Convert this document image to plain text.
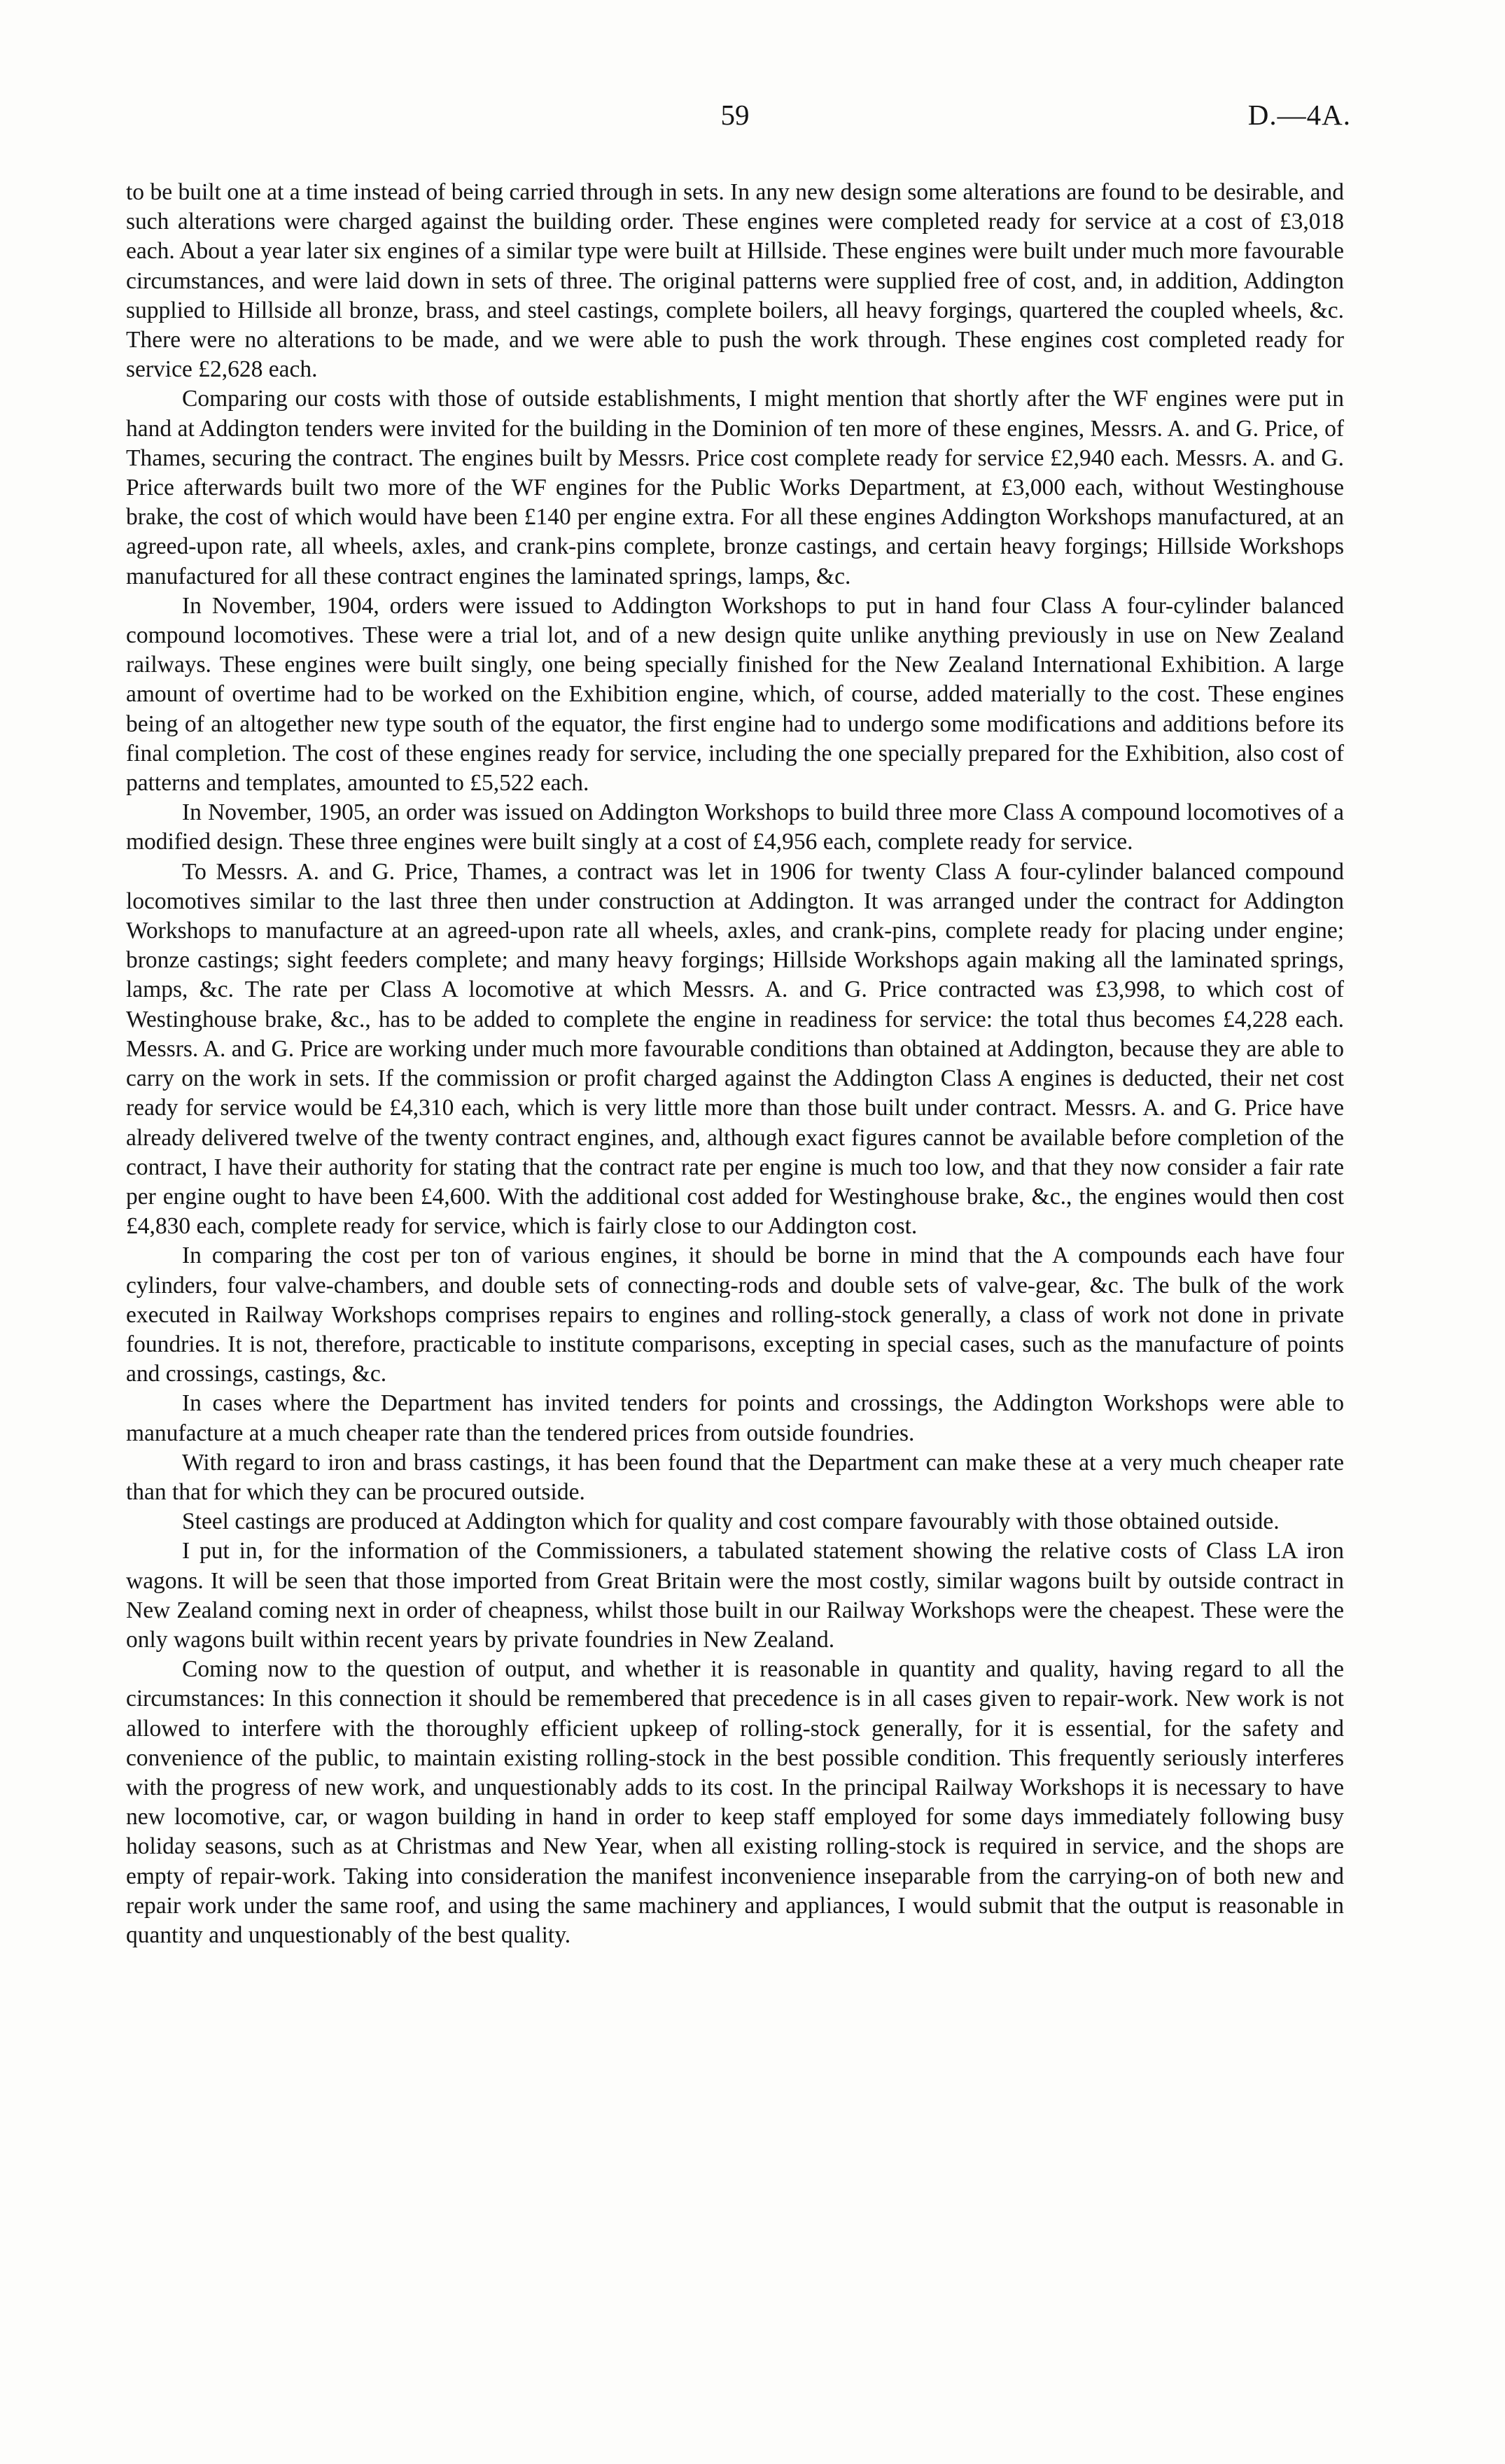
59	D.—4A.

to be built one at a time instead of being carried through in sets. In any new design some alterations are found to be desirable, and such alterations were charged against the building order. These engines were completed ready for service at a cost of £3,018 each. About a year later six engines of a similar type were built at Hillside. These engines were built under much more favourable circumstances, and were laid down in sets of three. The original patterns were supplied free of cost, and, in addition, Addington supplied to Hillside all bronze, brass, and steel castings, complete boilers, all heavy forgings, quartered the coupled wheels, &c. There were no alterations to be made, and we were able to push the work through. These engines cost completed ready for service £2,628 each.

Comparing our costs with those of outside establishments, I might mention that shortly after the WF engines were put in hand at Addington tenders were invited for the building in the Dominion of ten more of these engines, Messrs. A. and G. Price, of Thames, securing the contract. The engines built by Messrs. Price cost complete ready for service £2,940 each. Messrs. A. and G. Price afterwards built two more of the WF engines for the Public Works Department, at £3,000 each, without Westinghouse brake, the cost of which would have been £140 per engine extra. For all these engines Addington Workshops manufactured, at an agreed-upon rate, all wheels, axles, and crank-pins complete, bronze castings, and certain heavy forgings; Hillside Workshops manufactured for all these contract engines the laminated springs, lamps, &c.

In November, 1904, orders were issued to Addington Workshops to put in hand four Class A four-cylinder balanced compound locomotives. These were a trial lot, and of a new design quite unlike anything previously in use on New Zealand railways. These engines were built singly, one being specially finished for the New Zealand International Exhibition. A large amount of overtime had to be worked on the Exhibition engine, which, of course, added materially to the cost. These engines being of an altogether new type south of the equator, the first engine had to undergo some modifications and additions before its final completion. The cost of these engines ready for service, including the one specially prepared for the Exhibition, also cost of patterns and templates, amounted to £5,522 each.

In November, 1905, an order was issued on Addington Workshops to build three more Class A compound locomotives of a modified design. These three engines were built singly at a cost of £4,956 each, complete ready for service.

To Messrs. A. and G. Price, Thames, a contract was let in 1906 for twenty Class A four-cylinder balanced compound locomotives similar to the last three then under construction at Addington. It was arranged under the contract for Addington Workshops to manufacture at an agreed-upon rate all wheels, axles, and crank-pins, complete ready for placing under engine; bronze castings; sight feeders complete; and many heavy forgings; Hillside Workshops again making all the laminated springs, lamps, &c. The rate per Class A locomotive at which Messrs. A. and G. Price contracted was £3,998, to which cost of Westinghouse brake, &c., has to be added to complete the engine in readiness for service: the total thus becomes £4,228 each. Messrs. A. and G. Price are working under much more favourable conditions than obtained at Addington, because they are able to carry on the work in sets. If the commission or profit charged against the Addington Class A engines is deducted, their net cost ready for service would be £4,310 each, which is very little more than those built under contract. Messrs. A. and G. Price have already delivered twelve of the twenty contract engines, and, although exact figures cannot be available before completion of the contract, I have their authority for stating that the contract rate per engine is much too low, and that they now consider a fair rate per engine ought to have been £4,600. With the additional cost added for Westinghouse brake, &c., the engines would then cost £4,830 each, complete ready for service, which is fairly close to our Addington cost.

In comparing the cost per ton of various engines, it should be borne in mind that the A compounds each have four cylinders, four valve-chambers, and double sets of connecting-rods and double sets of valve-gear, &c. The bulk of the work executed in Railway Workshops comprises repairs to engines and rolling-stock generally, a class of work not done in private foundries. It is not, therefore, practicable to institute comparisons, excepting in special cases, such as the manufacture of points and crossings, castings, &c.

In cases where the Department has invited tenders for points and crossings, the Addington Workshops were able to manufacture at a much cheaper rate than the tendered prices from outside foundries.

With regard to iron and brass castings, it has been found that the Department can make these at a very much cheaper rate than that for which they can be procured outside.

Steel castings are produced at Addington which for quality and cost compare favourably with those obtained outside.

I put in, for the information of the Commissioners, a tabulated statement showing the relative costs of Class LA iron wagons. It will be seen that those imported from Great Britain were the most costly, similar wagons built by outside contract in New Zealand coming next in order of cheapness, whilst those built in our Railway Workshops were the cheapest. These were the only wagons built within recent years by private foundries in New Zealand.

Coming now to the question of output, and whether it is reasonable in quantity and quality, having regard to all the circumstances: In this connection it should be remembered that precedence is in all cases given to repair-work. New work is not allowed to interfere with the thoroughly efficient upkeep of rolling-stock generally, for it is essential, for the safety and convenience of the public, to maintain existing rolling-stock in the best possible condition. This frequently seriously interferes with the progress of new work, and unquestionably adds to its cost. In the principal Railway Workshops it is necessary to have new locomotive, car, or wagon building in hand in order to keep staff employed for some days immediately following busy holiday seasons, such as at Christmas and New Year, when all existing rolling-stock is required in service, and the shops are empty of repair-work. Taking into consideration the manifest inconvenience inseparable from the carrying-on of both new and repair work under the same roof, and using the same machinery and appliances, I would submit that the output is reasonable in quantity and unquestionably of the best quality.
